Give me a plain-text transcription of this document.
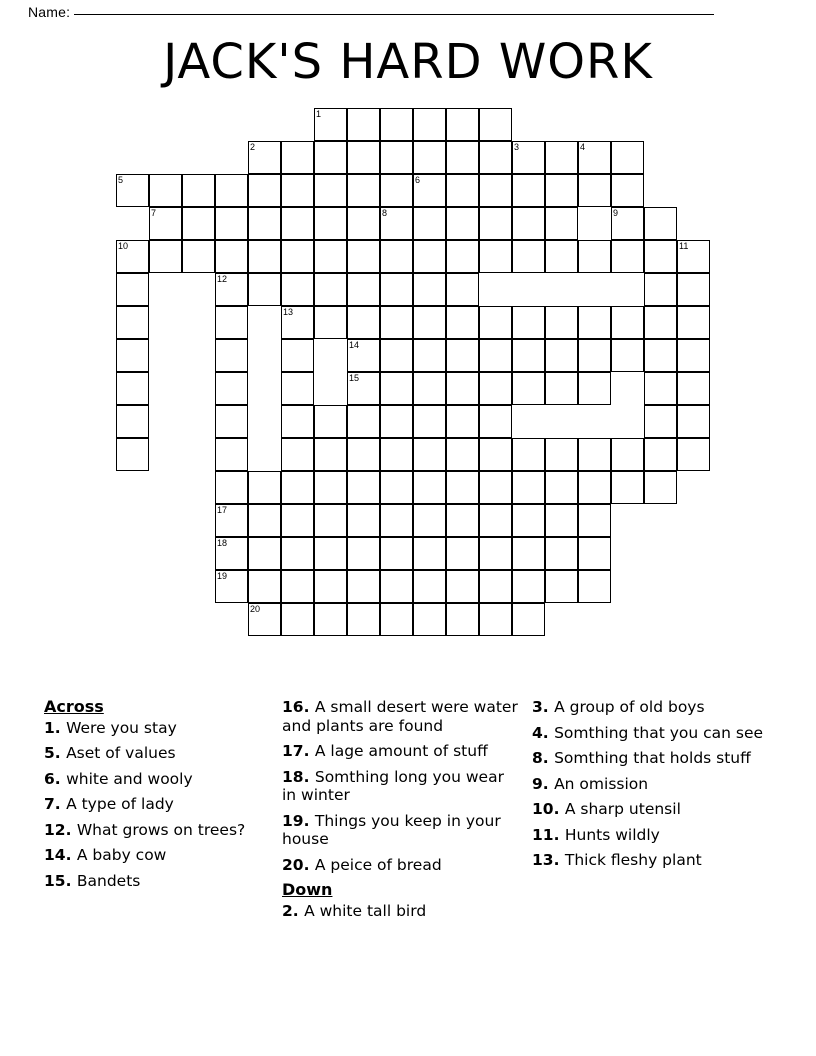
Name:
JACK'S HARD WORK
1
2	3	4
5	6
7	8	9
10	11
12
13
14
15
17
18
19
20
Across
1. Were you stay
5. Aset of values
6. white and wooly
7. A type of lady
12. What grows on trees?
14. A baby cow
15. Bandets
16. A small desert were water and plants are found
17. A lage amount of stuff
18. Somthing long you wear in winter
19. Things you keep in your house
20. A peice of bread
Down
2. A white tall bird
3. A group of old boys
4. Somthing that you can see
8. Somthing that holds stuff
9. An omission
10. A sharp utensil
11. Hunts wildly
13. Thick fleshy plant
